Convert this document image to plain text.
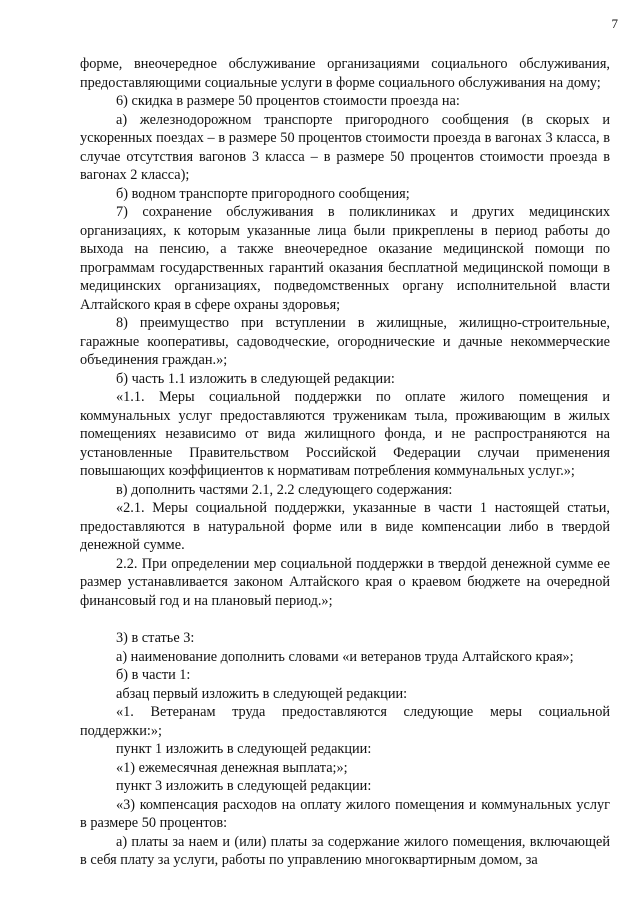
7

форме, внеочередное обслуживание организациями социального обслуживания, предоставляющими социальные услуги в форме социального обслуживания на дому;

6) скидка в размере 50 процентов стоимости проезда на:

а) железнодорожном транспорте пригородного сообщения (в скорых и ускоренных поездах – в размере 50 процентов стоимости проезда в вагонах 3 класса, в случае отсутствия вагонов 3 класса – в размере 50 процентов стоимости проезда в вагонах 2 класса);

б) водном транспорте пригородного сообщения;

7) сохранение обслуживания в поликлиниках и других медицинских организациях, к которым указанные лица были прикреплены в период работы до выхода на пенсию, а также внеочередное оказание медицинской помощи по программам государственных гарантий оказания бесплатной медицинской помощи в медицинских организациях, подведомственных органу исполнительной власти Алтайского края в сфере охраны здоровья;

8) преимущество при вступлении в жилищные, жилищно-строительные, гаражные кооперативы, садоводческие, огороднические и дачные некоммерческие объединения граждан.»;

б) часть 1.1 изложить в следующей редакции:

«1.1. Меры социальной поддержки по оплате жилого помещения и коммунальных услуг предоставляются труженикам тыла, проживающим в жилых помещениях независимо от вида жилищного фонда, и не распространяются на установленные Правительством Российской Федерации случаи применения повышающих коэффициентов к нормативам потребления коммунальных услуг.»;

в) дополнить частями 2.1, 2.2 следующего содержания:

«2.1. Меры социальной поддержки, указанные в части 1 настоящей статьи, предоставляются в натуральной форме или в виде компенсации либо в твердой денежной сумме.

2.2. При определении мер социальной поддержки в твердой денежной сумме ее размер устанавливается законом Алтайского края о краевом бюджете на очередной финансовый год и на плановый период.»;

3) в статье 3:

а) наименование дополнить словами «и ветеранов труда Алтайского края»;

б) в части 1:

абзац первый изложить в следующей редакции:

«1. Ветеранам труда предоставляются следующие меры социальной поддержки:»;

пункт 1 изложить в следующей редакции:

«1) ежемесячная денежная выплата;»;

пункт 3 изложить в следующей редакции:

«3) компенсация расходов на оплату жилого помещения и коммунальных услуг в размере 50 процентов:

а) платы за наем и (или) платы за содержание жилого помещения, включающей в себя плату за услуги, работы по управлению многоквартирным домом, за
